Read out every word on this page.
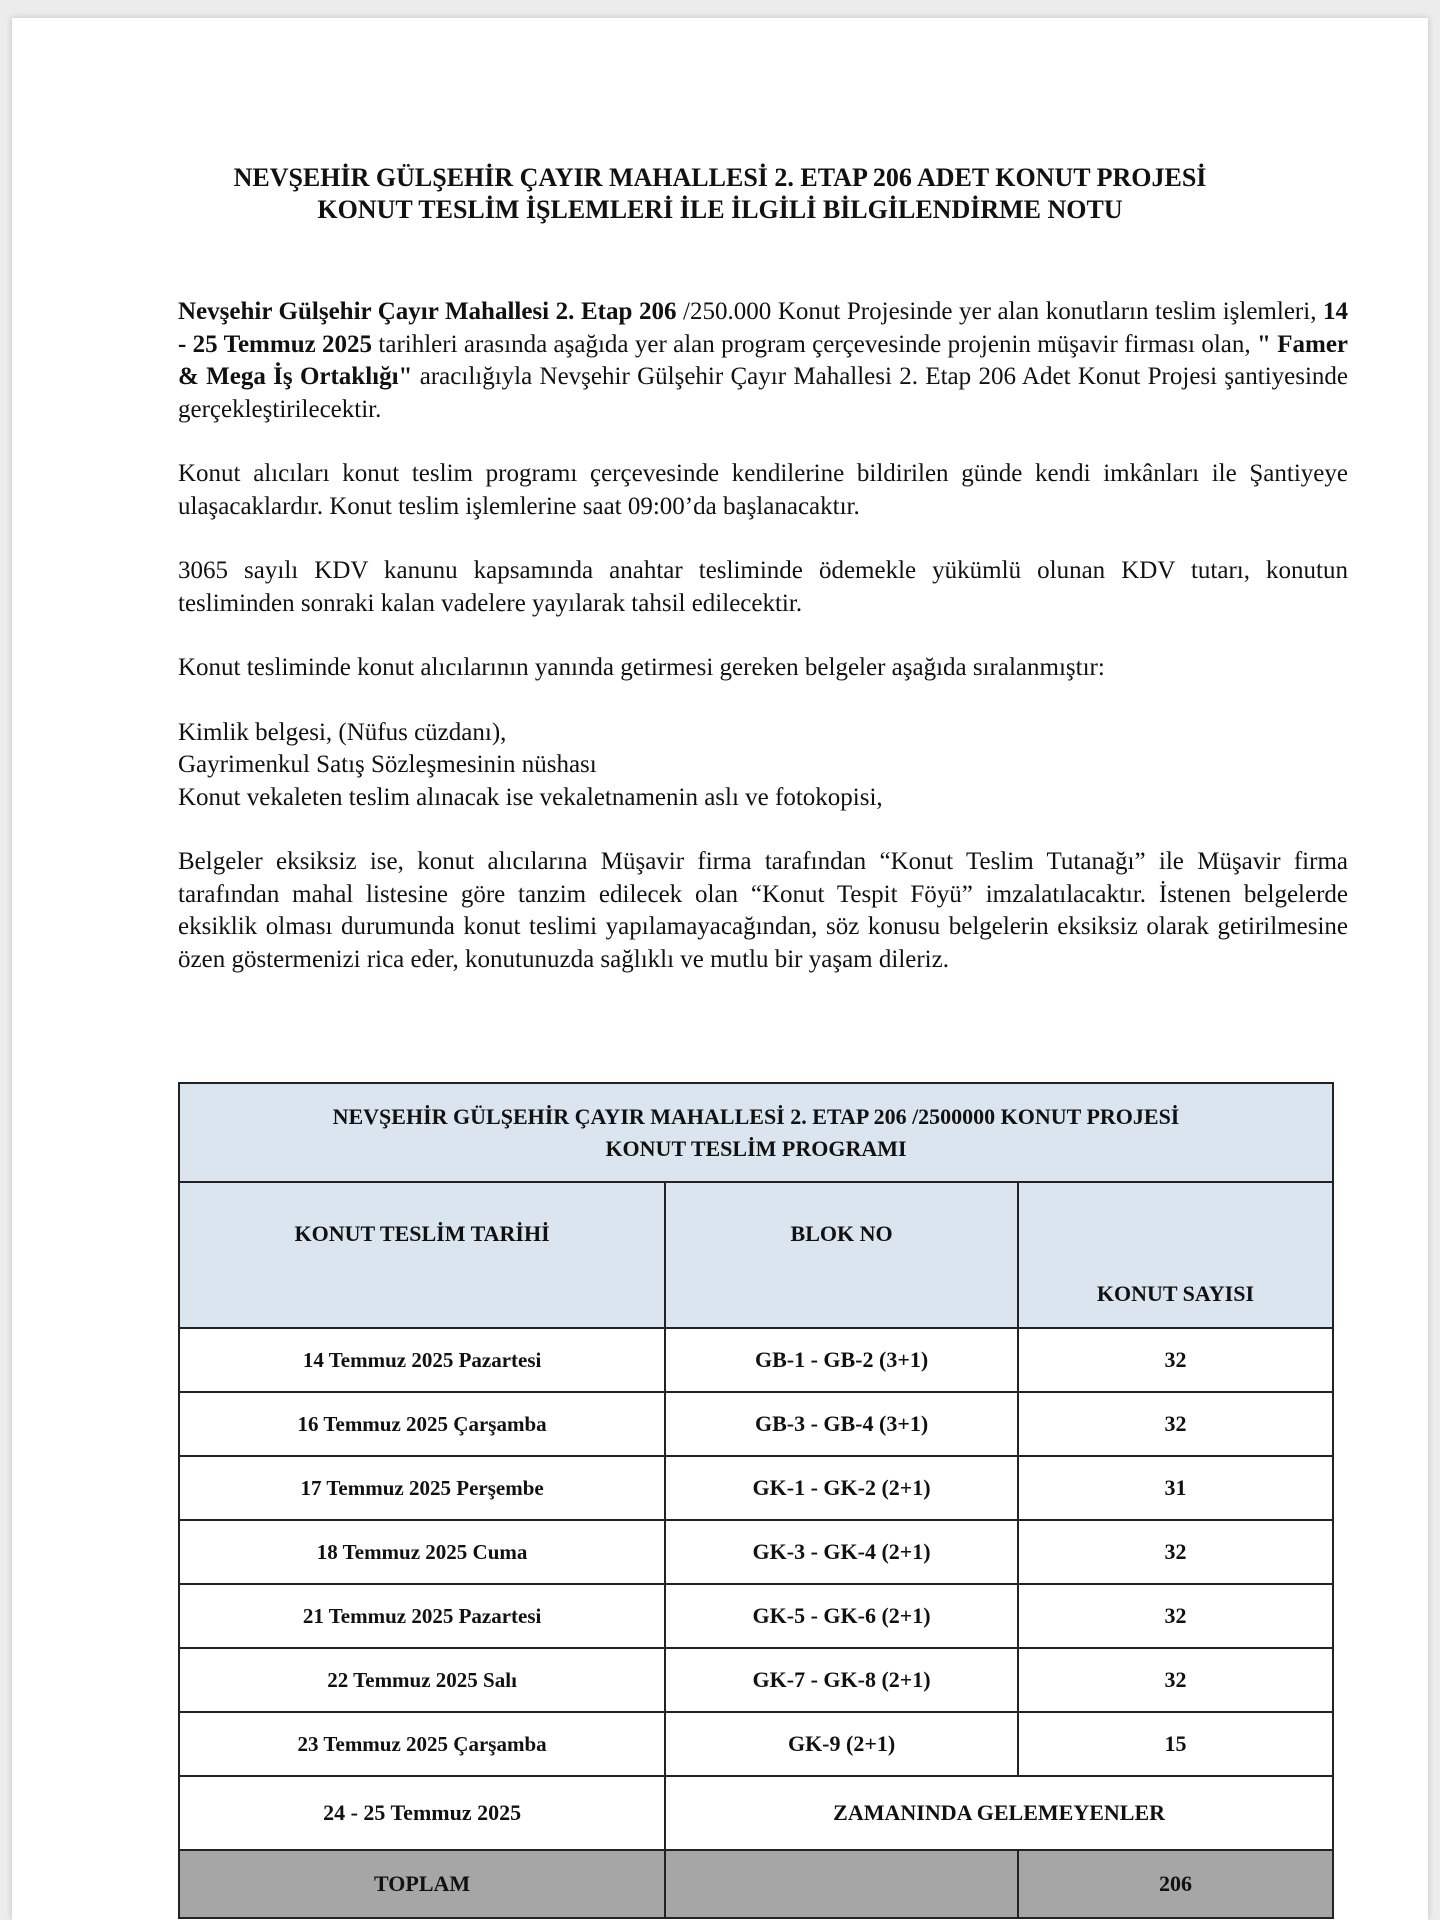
NEVŞEHİR GÜLŞEHİR ÇAYIR MAHALLESİ 2. ETAP 206 ADET KONUT PROJESİ
KONUT TESLİM İŞLEMLERİ İLE İLGİLİ BİLGİLENDİRME NOTU

Nevşehir Gülşehir Çayır Mahallesi 2. Etap 206 /250.000 Konut Projesinde yer alan konutların teslim işlemleri, 14 - 25 Temmuz 2025 tarihleri arasında aşağıda yer alan program çerçevesinde projenin müşavir firması olan, " Famer & Mega İş Ortaklığı" aracılığıyla Nevşehir Gülşehir Çayır Mahallesi 2. Etap 206 Adet Konut Projesi şantiyesinde gerçekleştirilecektir.

Konut alıcıları konut teslim programı çerçevesinde kendilerine bildirilen günde kendi imkânları ile Şantiyeye ulaşacaklardır. Konut teslim işlemlerine saat 09:00’da başlanacaktır.

3065 sayılı KDV kanunu kapsamında anahtar tesliminde ödemekle yükümlü olunan KDV tutarı, konutun tesliminden sonraki kalan vadelere yayılarak tahsil edilecektir.

Konut tesliminde konut alıcılarının yanında getirmesi gereken belgeler aşağıda sıralanmıştır:

Kimlik belgesi, (Nüfus cüzdanı),
Gayrimenkul Satış Sözleşmesinin nüshası
Konut vekaleten teslim alınacak ise vekaletnamenin aslı ve fotokopisi,

Belgeler eksiksiz ise, konut alıcılarına Müşavir firma tarafından “Konut Teslim Tutanağı” ile Müşavir firma tarafından mahal listesine göre tanzim edilecek olan “Konut Tespit Föyü” imzalatılacaktır. İstenen belgelerde eksiklik olması durumunda konut teslimi yapılamayacağından, söz konusu belgelerin eksiksiz olarak getirilmesine özen göstermenizi rica eder, konutunuzda sağlıklı ve mutlu bir yaşam dileriz.

NEVŞEHİR GÜLŞEHİR ÇAYIR MAHALLESİ 2. ETAP 206 /2500000 KONUT PROJESİ
KONUT TESLİM PROGRAMI		

KONUT TESLİM TARİHİ	BLOK NO	KONUT SAYISI
14 Temmuz 2025 Pazartesi	GB-1 - GB-2 (3+1)	32
16 Temmuz 2025 Çarşamba	GB-3 - GB-4 (3+1)	32
17 Temmuz 2025 Perşembe	GK-1 - GK-2 (2+1)	31
18 Temmuz 2025 Cuma	GK-3 - GK-4 (2+1)	32
21 Temmuz 2025 Pazartesi	GK-5 - GK-6 (2+1)	32
22 Temmuz 2025 Salı	GK-7 - GK-8 (2+1)	32
23 Temmuz 2025 Çarşamba	GK-9 (2+1)	15
24 - 25 Temmuz 2025	ZAMANINDA GELEMEYENLER	
TOPLAM		206
